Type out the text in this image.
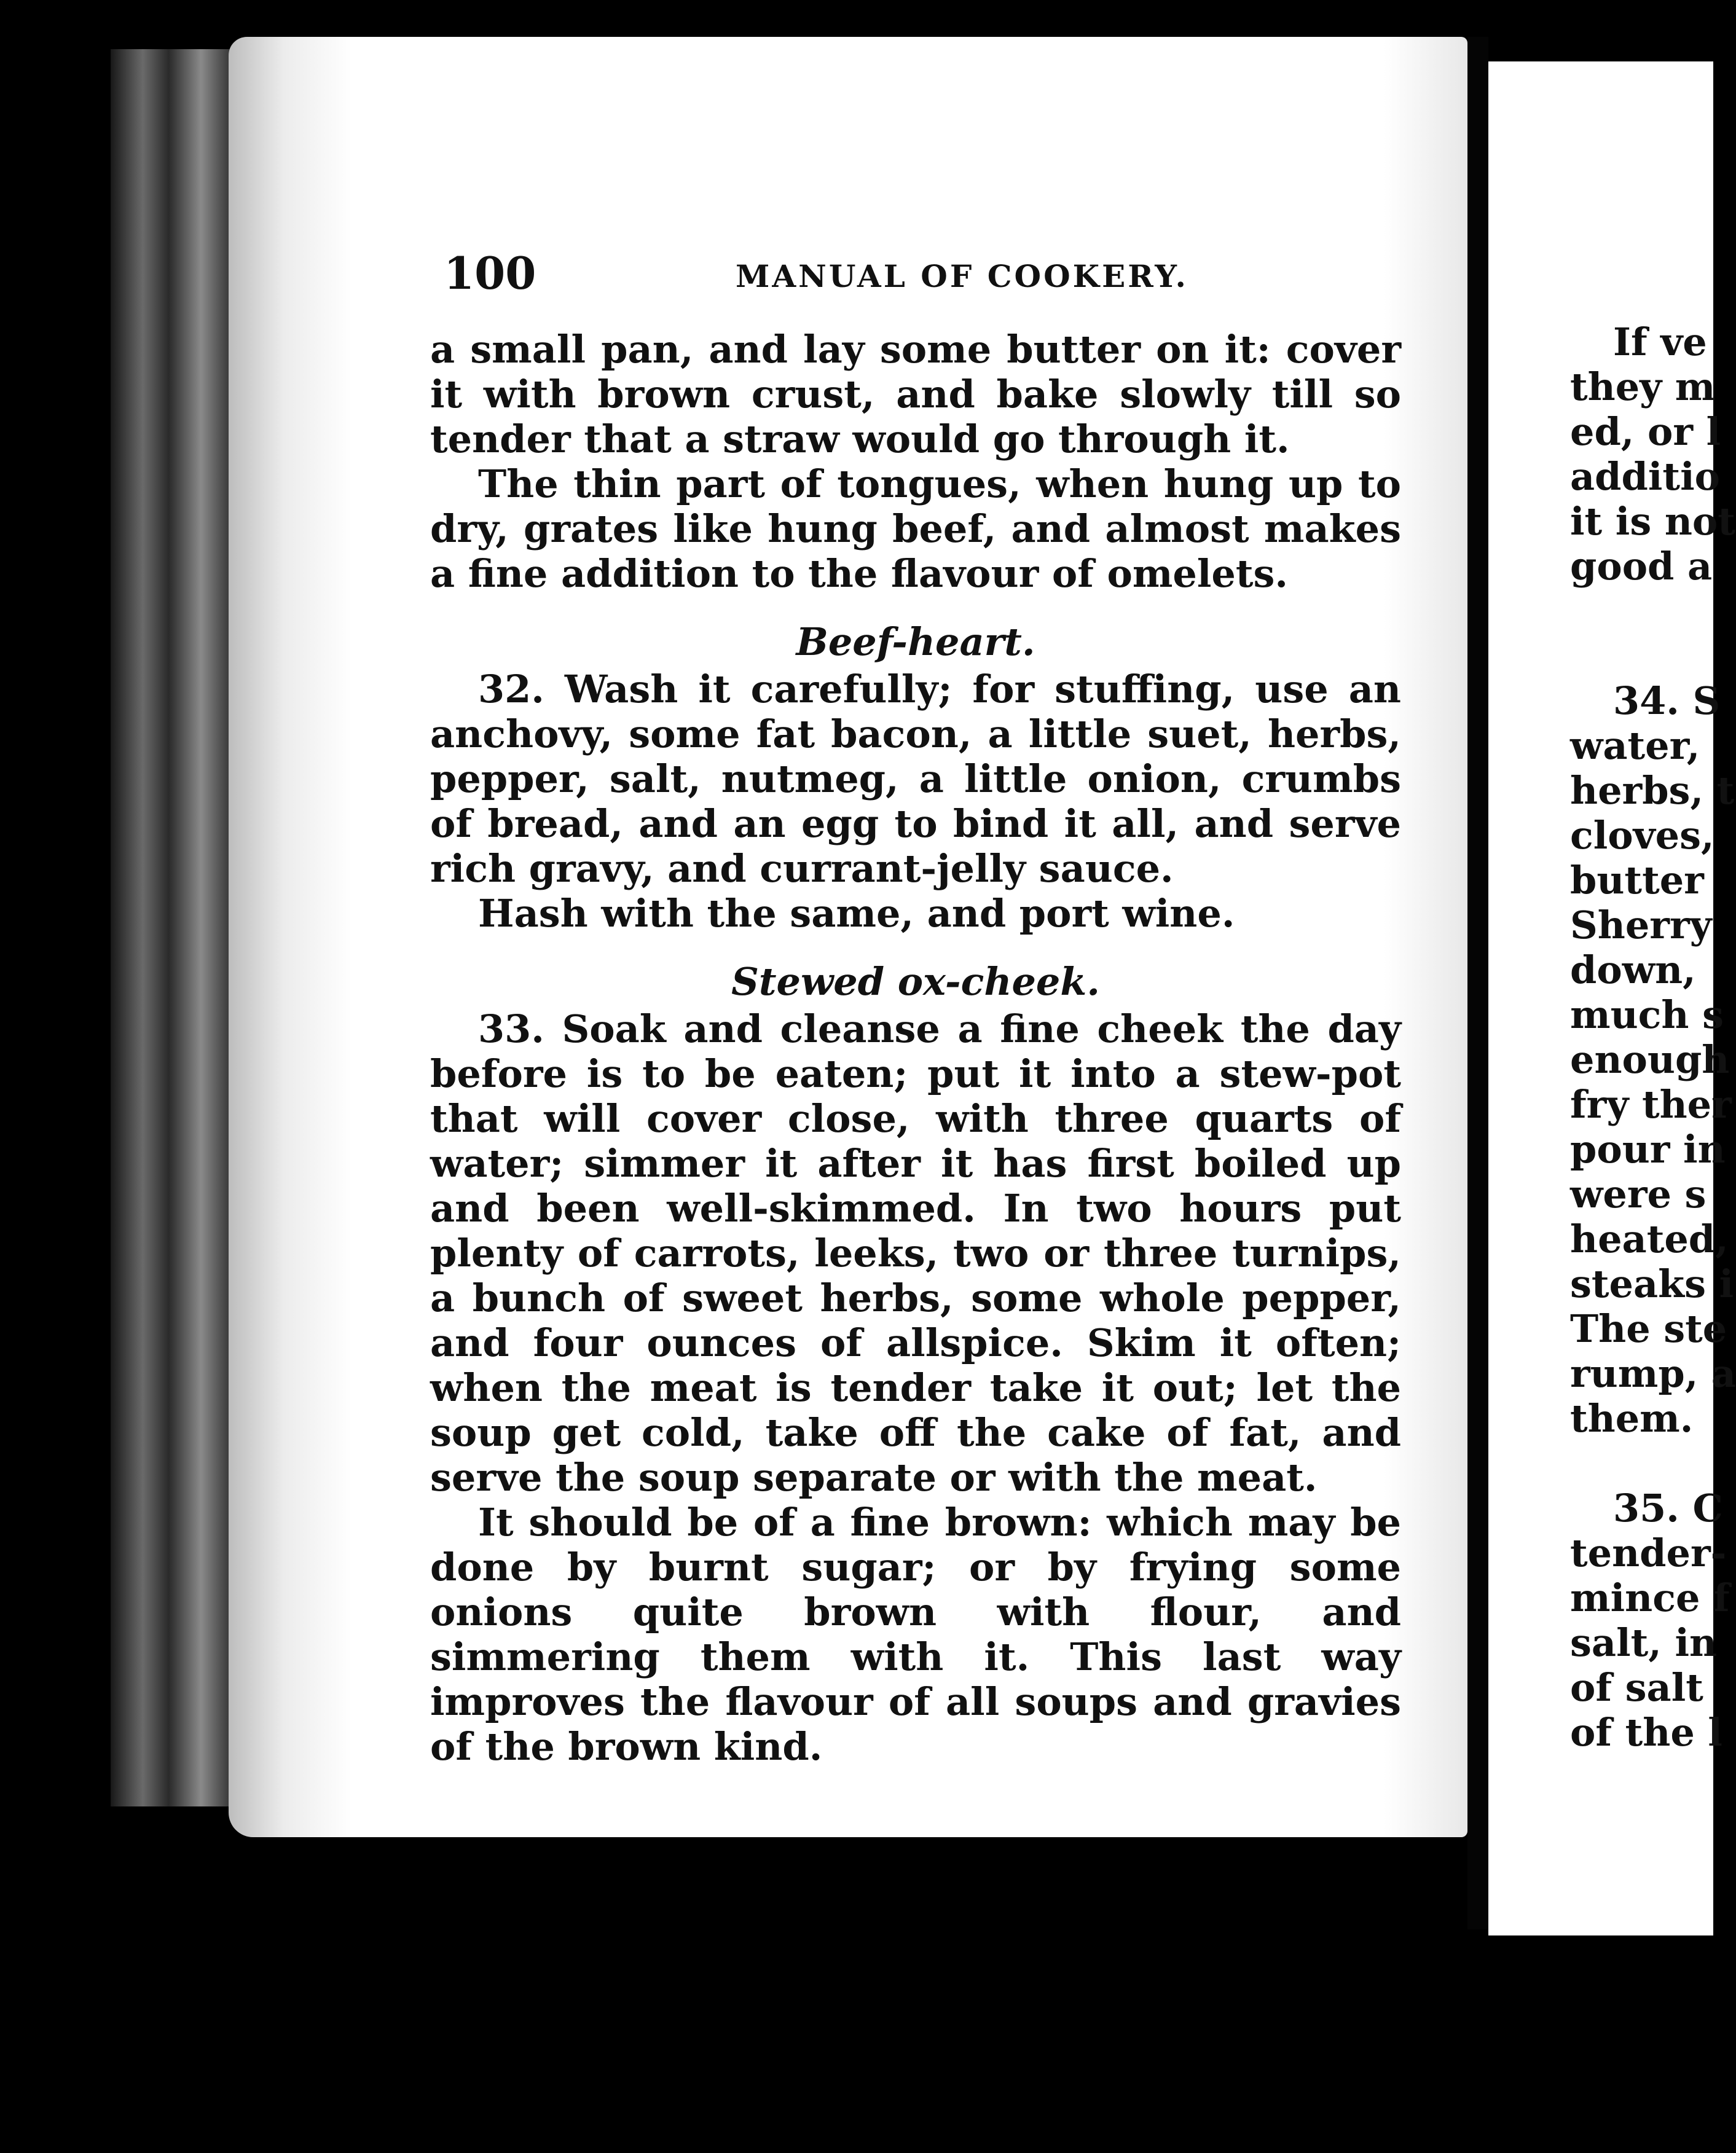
100	MANUAL OF COOKERY.

a small pan, and lay some butter on it: cover it with brown crust, and bake slowly till so tender that a straw would go through it.

The thin part of tongues, when hung up to dry, grates like hung beef, and almost makes a fine addition to the flavour of omelets.

Beef-heart.

32. Wash it carefully; for stuffing, use an anchovy, some fat bacon, a little suet, herbs, pepper, salt, nutmeg, a little onion, crumbs of bread, and an egg to bind it all, and serve rich gravy, and currant-jelly sauce.

Hash with the same, and port wine.

Stewed ox-cheek.

33. Soak and cleanse a fine cheek the day before is to be eaten; put it into a stew-pot that will cover close, with three quarts of water; simmer it after it has first boiled up and been well-skimmed. In two hours put plenty of carrots, leeks, two or three turnips, a bunch of sweet herbs, some whole pepper, and four ounces of allspice. Skim it often; when the meat is tender take it out; let the soup get cold, take off the cake of fat, and serve the soup separate or with the meat.

It should be of a fine brown: which may be done by burnt sugar; or by frying some onions quite brown with flour, and simmering them with it. This last way improves the flavour of all soups and gravies of the brown kind.

If ve
they m
ed, or l
additio
it is not
good a
34. S
water,
herbs, t
cloves,
butter
Sherry
down,
much s
enough
fry ther
pour in
were s
heated,
steaks i
The ste
rump, a
them.
35. C
tender-
mince f
salt, in
of salt
of the l
